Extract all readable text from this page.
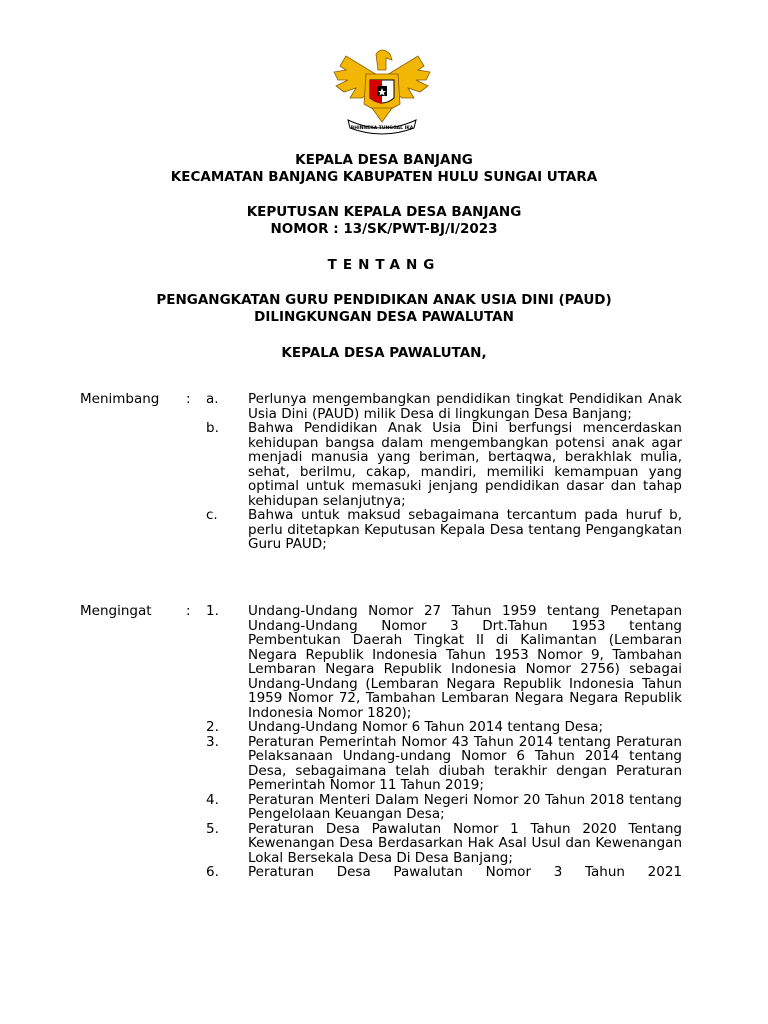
BHINNEKA TUNGGAL IKA
KEPALA DESA BANJANG
KECAMATAN BANJANG KABUPATEN HULU SUNGAI UTARA
KEPUTUSAN KEPALA DESA BANJANG
NOMOR : 13/SK/PWT-BJ/I/2023
TENTANG
PENGANGKATAN GURU PENDIDIKAN ANAK USIA DINI (PAUD)
DILINGKUNGAN DESA PAWALUTAN
KEPALA DESA PAWALUTAN,
Menimbang	:	a.	Perlunya mengembangkan pendidikan tingkat Pendidikan Anak Usia Dini (PAUD) milik Desa di lingkungan Desa Banjang;
b.	Bahwa Pendidikan Anak Usia Dini berfungsi mencerdaskan kehidupan bangsa dalam mengembangkan potensi anak agar menjadi manusia yang beriman, bertaqwa, berakhlak mulia, sehat, berilmu, cakap, mandiri, memiliki kemampuan yang optimal untuk memasuki jenjang pendidikan dasar dan tahap kehidupan selanjutnya;
c.	Bahwa untuk maksud sebagaimana tercantum pada huruf b, perlu ditetapkan Keputusan Kepala Desa tentang Pengangkatan Guru PAUD;
Mengingat	:	1.	Undang-Undang Nomor 27 Tahun 1959 tentang Penetapan Undang-Undang Nomor 3 Drt.Tahun 1953 tentang Pembentukan Daerah Tingkat II di Kalimantan (Lembaran Negara Republik Indonesia Tahun 1953 Nomor 9, Tambahan Lembaran Negara Republik Indonesia Nomor 2756) sebagai Undang-Undang (Lembaran Negara Republik Indonesia Tahun 1959 Nomor 72, Tambahan Lembaran Negara Negara Republik Indonesia Nomor 1820);
2.	Undang-Undang Nomor 6 Tahun 2014 tentang Desa;
3.	Peraturan Pemerintah Nomor 43 Tahun 2014 tentang Peraturan Pelaksanaan Undang-undang Nomor 6 Tahun 2014 tentang Desa, sebagaimana telah diubah terakhir dengan Peraturan Pemerintah Nomor 11 Tahun 2019;
4.	Peraturan Menteri Dalam Negeri Nomor 20 Tahun 2018 tentang Pengelolaan Keuangan Desa;
5.	Peraturan Desa Pawalutan Nomor 1 Tahun 2020 Tentang Kewenangan Desa Berdasarkan Hak Asal Usul dan Kewenangan Lokal Bersekala Desa Di Desa Banjang;
6.	Peraturan Desa Pawalutan Nomor 3 Tahun 2021
